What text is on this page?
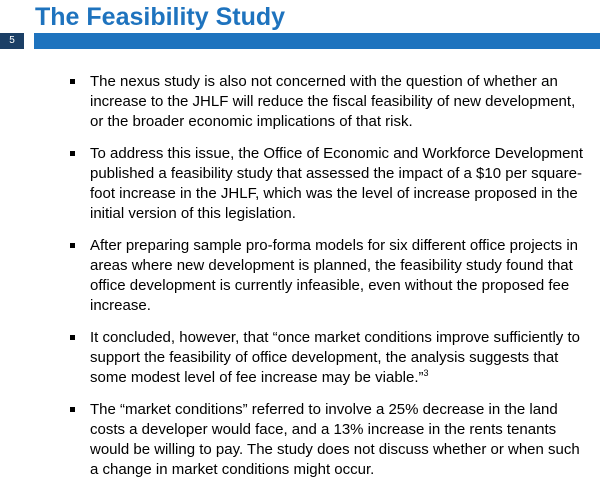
The Feasibility Study
5
The nexus study is also not concerned with the question of whether an increase to the JHLF will reduce the fiscal feasibility of new development, or the broader economic implications of that risk.
To address this issue, the Office of Economic and Workforce Development published a feasibility study that assessed the impact of a $10 per square-foot increase in the JHLF, which was the level of increase proposed in the initial version of this legislation.
After preparing sample pro-forma models for six different office projects in areas where new development is planned, the feasibility study found that office development is currently infeasible, even without the proposed fee increase.
It concluded, however, that “once market conditions improve sufficiently to support the feasibility of office development, the analysis suggests that some modest level of fee increase may be viable.”$^3$
The “market conditions” referred to involve a 25% decrease in the land costs a developer would face, and a 13% increase in the rents tenants would be willing to pay. The study does not discuss whether or when such a change in market conditions might occur.
